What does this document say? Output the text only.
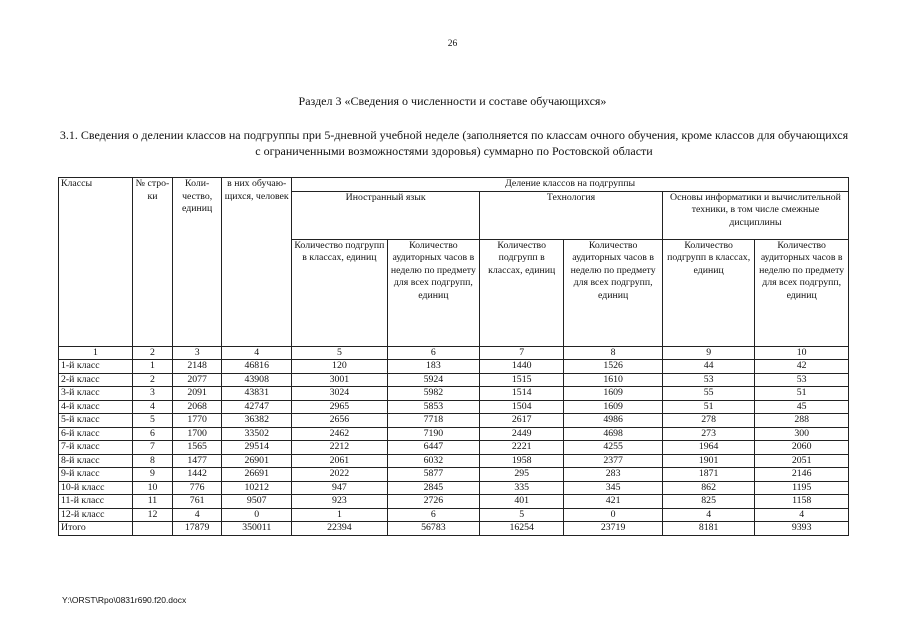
26
Раздел 3 «Сведения о численности и составе обучающихся»
3.1. Сведения о делении классов на подгруппы при 5-дневной учебной неделе (заполняется по классам очного обучения, кроме классов для обучающихся с ограниченными возможностями здоровья) суммарно по Ростовской области
Классы	№ стро-ки	Коли-чество, единиц	в них обучаю-щихся, человек	Деление классов на подгруппы					
				Иностранный язык		Технология		Основы информатики и вычислительной техники, в том числе смежные дисциплины	
				Количество подгрупп в классах, единиц	Количество аудиторных часов в неделю по предмету для всех подгрупп, единиц	Количество подгрупп в классах, единиц	Количество аудиторных часов в неделю по предмету для всех подгрупп, единиц	Количество подгрупп в классах, единиц	Количество аудиторных часов в неделю по предмету для всех подгрупп, единиц
1	2	3	4	5	6	7	8	9	10
1-й класс	1	2148	46816	120	183	1440	1526	44	42
2-й класс	2	2077	43908	3001	5924	1515	1610	53	53
3-й класс	3	2091	43831	3024	5982	1514	1609	55	51
4-й класс	4	2068	42747	2965	5853	1504	1609	51	45
5-й класс	5	1770	36382	2656	7718	2617	4986	278	288
6-й класс	6	1700	33502	2462	7190	2449	4698	273	300
7-й класс	7	1565	29514	2212	6447	2221	4255	1964	2060
8-й класс	8	1477	26901	2061	6032	1958	2377	1901	2051
9-й класс	9	1442	26691	2022	5877	295	283	1871	2146
10-й класс	10	776	10212	947	2845	335	345	862	1195
11-й класс	11	761	9507	923	2726	401	421	825	1158
12-й класс	12	4	0	1	6	5	0	4	4
Итого		17879	350011	22394	56783	16254	23719	8181	9393
Y:\ORST\Rpo\0831r690.f20.docx
